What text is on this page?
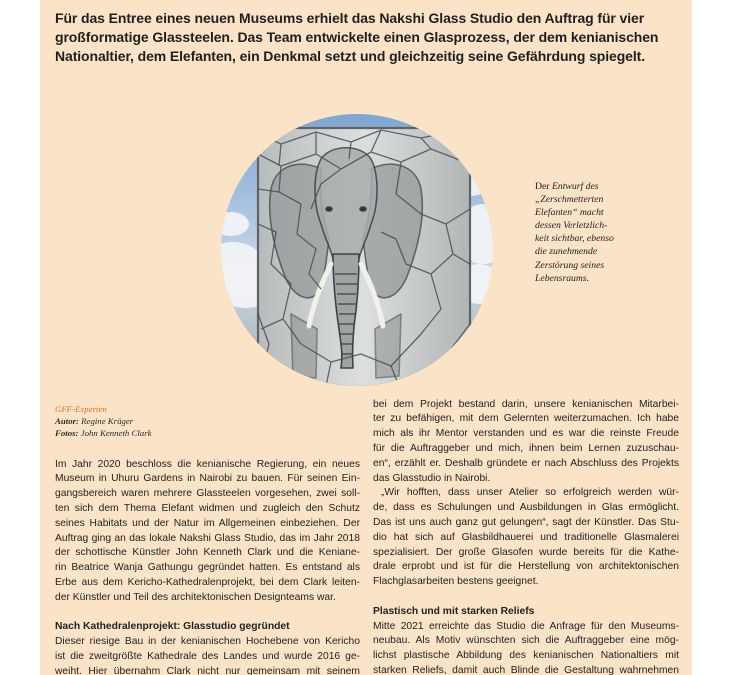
Für das Entree eines neuen Museums erhielt das Nakshi Glass Studio den Auftrag für vier
großformatige Glassteelen. Das Team entwickelte einen Glasprozess, der dem kenianischen
Nationaltier, dem Elefanten, ein Denkmal setzt und gleichzeitig seine Gefährdung spiegelt.
Der Entwurf des
„Zerschmetterten
Elefanten“ macht
dessen Verletzlich-
keit sichtbar, ebenso
die zunehmende
Zerstörung seines
Lebensraums.
GFF-Experten
Autor: Regine Krüger
Fotos: John Kenneth Clark
Im Jahr 2020 beschloss die kenianische Regierung, ein neues
Museum in Uhuru Gardens in Nairobi zu bauen. Für seinen Ein-
gangsbereich waren mehrere Glassteelen vorgesehen, zwei soll-
ten sich dem Thema Elefant widmen und zugleich den Schutz
seines Habitats und der Natur im Allgemeinen einbeziehen. Der
Auftrag ging an das lokale Nakshi Glass Studio, das im Jahr 2018
der schottische Künstler John Kenneth Clark und die Keniane-
rin Beatrice Wanja Gathungu gegründet hatten. Es entstand als
Erbe aus dem Kericho-Kathedralenprojekt, bei dem Clark leiten-
der Künstler und Teil des architektonischen Designteams war.
Nach Kathedralenprojekt: Glasstudio gegründet
Dieser riesige Bau in der kenianischen Hochebene von Kericho
ist die zweitgrößte Kathedrale des Landes und wurde 2016 ge-
weiht. Hier übernahm Clark nicht nur gemeinsam mit seinem
bei dem Projekt bestand darin, unsere kenianischen Mitarbei-
ter zu befähigen, mit dem Gelernten weiterzumachen. Ich habe
mich als ihr Mentor verstanden und es war die reinste Freude
für die Auftraggeber und mich, ihnen beim Lernen zuzuschau-
en“, erzählt er. Deshalb gründete er nach Abschluss des Projekts
das Glasstudio in Nairobi.
„Wir hofften, dass unser Atelier so erfolgreich werden wür-
de, dass es Schulungen und Ausbildungen in Glas ermöglicht.
Das ist uns auch ganz gut gelungen“, sagt der Künstler. Das Stu-
dio hat sich auf Glasbildhauerei und traditionelle Glasmalerei
spezialisiert. Der große Glasofen wurde bereits für die Kathe-
drale erprobt und ist für die Herstellung von architektonischen
Flachglasarbeiten bestens geeignet.
Plastisch und mit starken Reliefs
Mitte 2021 erreichte das Studio die Anfrage für den Museums-
neubau. Als Motiv wünschten sich die Auftraggeber eine mög-
lichst plastische Abbildung des kenianischen Nationaltiers mit
starken Reliefs, damit auch Blinde die Gestaltung wahrnehmen
